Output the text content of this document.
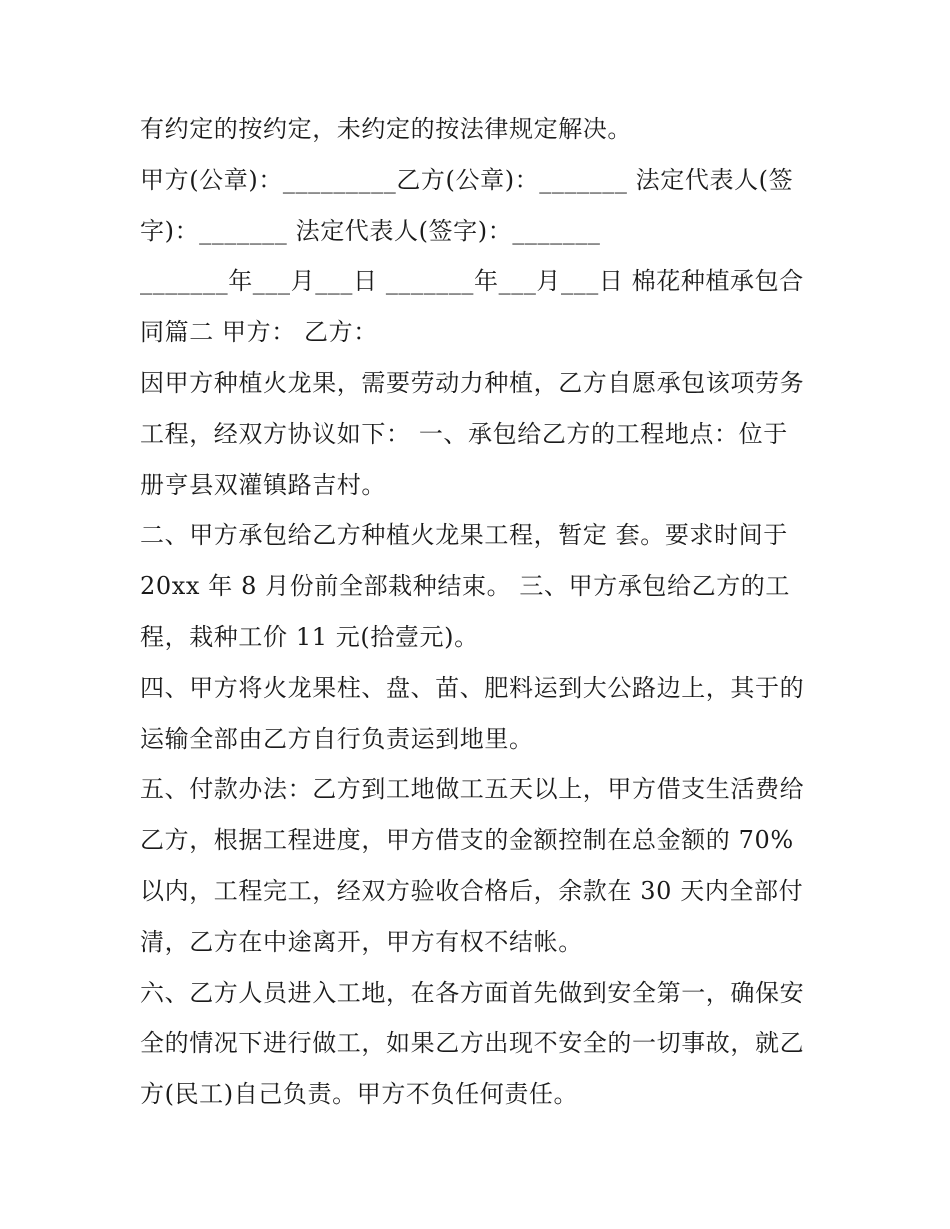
有约定的按约定，未约定的按法律规定解决。
甲方(公章)：_________乙方(公章)：_______ 法定代表人(签
字)：_______ 法定代表人(签字)：_______
_______年___月___日 _______年___月___日 棉花种植承包合
同篇二 甲方： 乙方：
因甲方种植火龙果，需要劳动力种植，乙方自愿承包该项劳务
工程，经双方协议如下： 一、承包给乙方的工程地点：位于
册亨县双灌镇路吉村。
二、甲方承包给乙方种植火龙果工程，暂定 套。要求时间于
20xx 年 8 月份前全部栽种结束。 三、甲方承包给乙方的工
程，栽种工价 11 元(拾壹元)。
四、甲方将火龙果柱、盘、苗、肥料运到大公路边上，其于的
运输全部由乙方自行负责运到地里。
五、付款办法：乙方到工地做工五天以上，甲方借支生活费给
乙方，根据工程进度，甲方借支的金额控制在总金额的 70%
以内，工程完工，经双方验收合格后，余款在 30 天内全部付
清，乙方在中途离开，甲方有权不结帐。
六、乙方人员进入工地，在各方面首先做到安全第一，确保安
全的情况下进行做工，如果乙方出现不安全的一切事故，就乙
方(民工)自己负责。甲方不负任何责任。
